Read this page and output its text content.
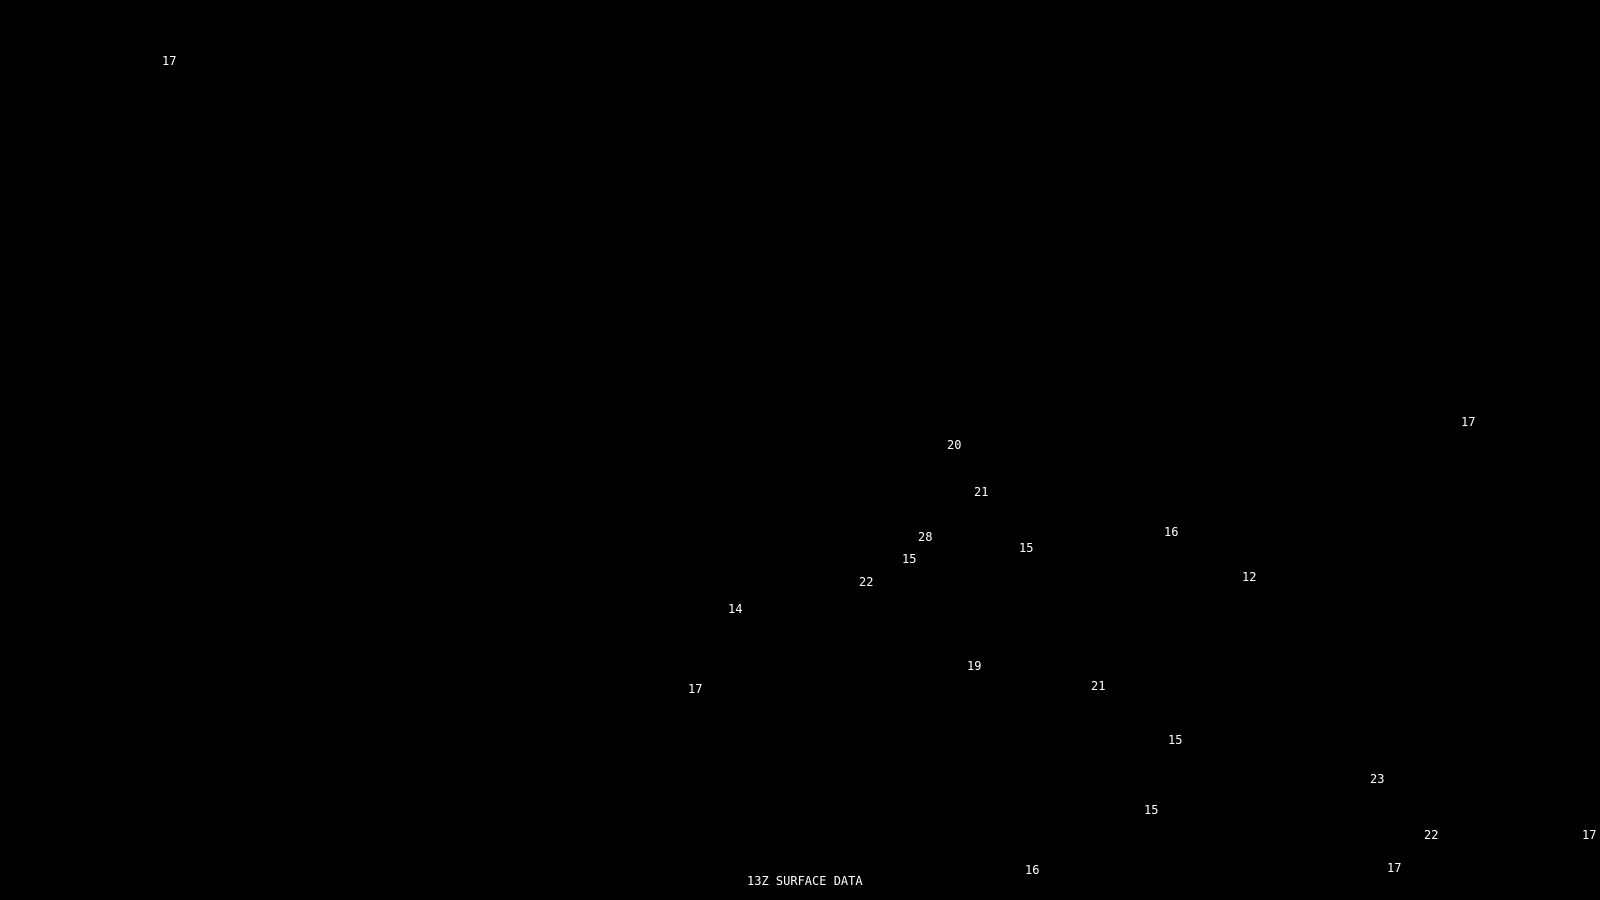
17
17
20
21
16
28
15
15
12
22
14
19
21
17
15
23
15
22	17
17
16
13Z SURFACE DATA
